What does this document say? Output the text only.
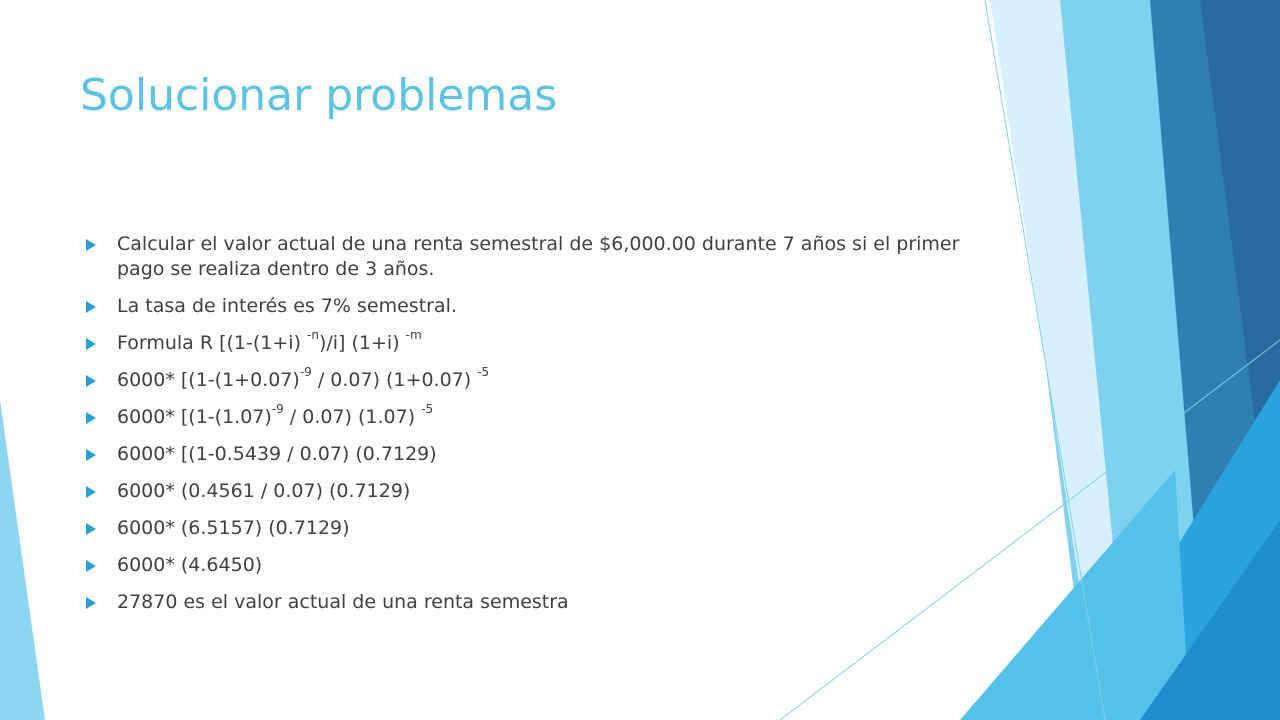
Solucionar problemas
Calcular el valor actual de una renta semestral de $6,000.00 durante 7 años si el primer pago se realiza dentro de 3 años.
La tasa de interés es 7% semestral.
Formula R [(1-(1+i) $^{-n}$)/i] (1+i) $^{-m}$
6000* [$(1-(1+0.07)^{-9} / 0.07)$ (1+0.07) $^{-5}$
6000* [$(1-(1.07)^{-9} / 0.07)$ (1.07) $^{-5}$
6000* [(1-0.5439 / 0.07) (0.7129)
6000* (0.4561 / 0.07) (0.7129)
6000* (6.5157) (0.7129)
6000* (4.6450)
27870 es el valor actual de una renta semestra
